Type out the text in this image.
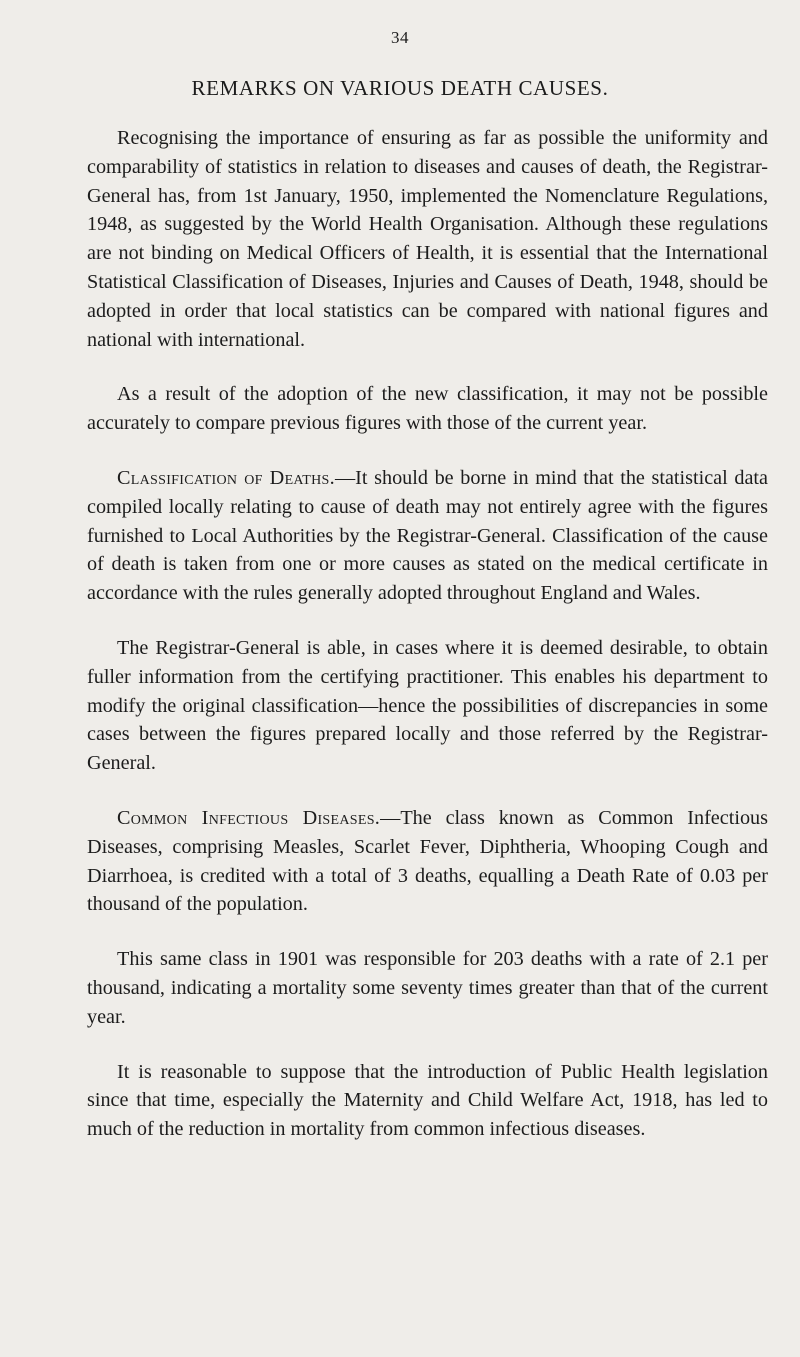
34
REMARKS ON VARIOUS DEATH CAUSES.

Recognising the importance of ensuring as far as possible the uniformity and comparability of statistics in relation to diseases and causes of death, the Registrar-General has, from 1st January, 1950, implemented the Nomenclature Regulations, 1948, as suggested by the World Health Organisation. Although these regulations are not binding on Medical Officers of Health, it is essential that the International Statistical Classification of Diseases, Injuries and Causes of Death, 1948, should be adopted in order that local statistics can be compared with national figures and national with international.

As a result of the adoption of the new classification, it may not be possible accurately to compare previous figures with those of the current year.

Classification of Deaths.—It should be borne in mind that the statistical data compiled locally relating to cause of death may not entirely agree with the figures furnished to Local Authorities by the Registrar-General. Classification of the cause of death is taken from one or more causes as stated on the medical certificate in accordance with the rules generally adopted throughout England and Wales.

The Registrar-General is able, in cases where it is deemed desirable, to obtain fuller information from the certifying practitioner. This enables his department to modify the original classification—hence the possibilities of discrepancies in some cases between the figures prepared locally and those referred by the Registrar-General.

Common Infectious Diseases.—The class known as Common Infectious Diseases, comprising Measles, Scarlet Fever, Diphtheria, Whooping Cough and Diarrhoea, is credited with a total of 3 deaths, equalling a Death Rate of 0.03 per thousand of the population.

This same class in 1901 was responsible for 203 deaths with a rate of 2.1 per thousand, indicating a mortality some seventy times greater than that of the current year.

It is reasonable to suppose that the introduction of Public Health legislation since that time, especially the Maternity and Child Welfare Act, 1918, has led to much of the reduction in mortality from common infectious diseases.
